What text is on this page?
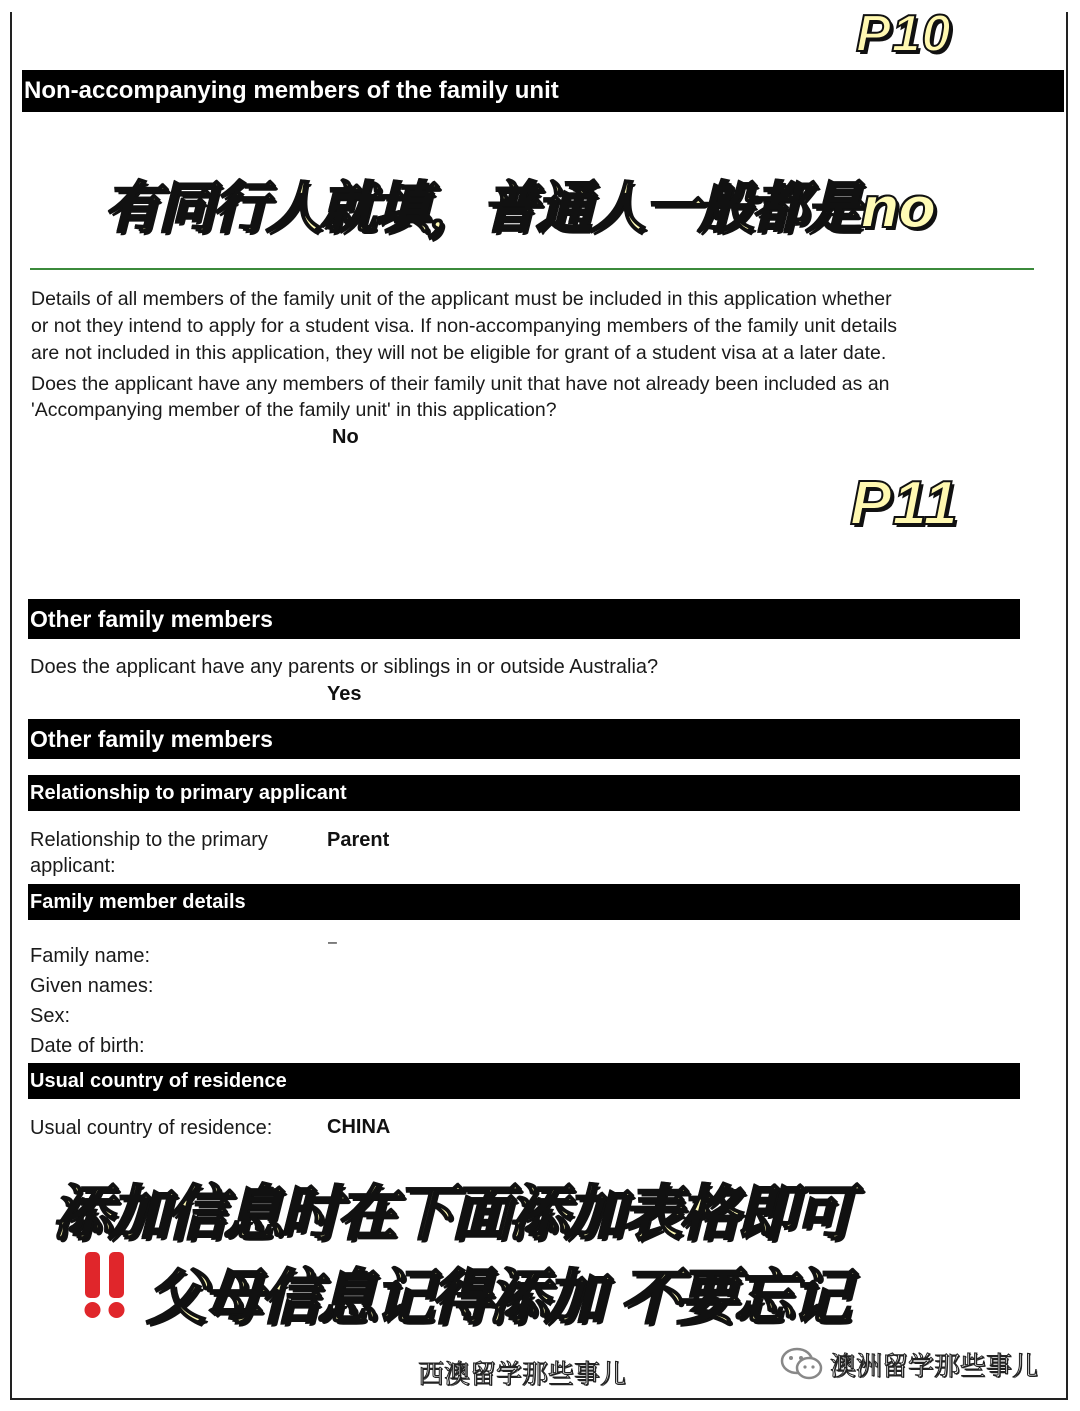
P10
Non-accompanying members of the family unit
有同行人就填，普通人一般都是no
Details of all members of the family unit of the applicant must be included in this application whether
or not they intend to apply for a student visa. If non-accompanying members of the family unit details
are not included in this application, they will not be eligible for grant of a student visa at a later date.
Does the applicant have any members of their family unit that have not already been included as an
'Accompanying member of the family unit' in this application?
No
P11
Other family members
Does the applicant have any parents or siblings in or outside Australia?
Yes
Other family members
Relationship to primary applicant
Relationship to the primary
applicant:
Parent
Family member details
Family name:
–
Given names:
Sex:
Date of birth:
Usual country of residence
Usual country of residence:	CHINA
添加信息时在下面添加表格即可
父母信息记得添加 不要忘记
西澳留学那些事儿	澳洲留学那些事儿
